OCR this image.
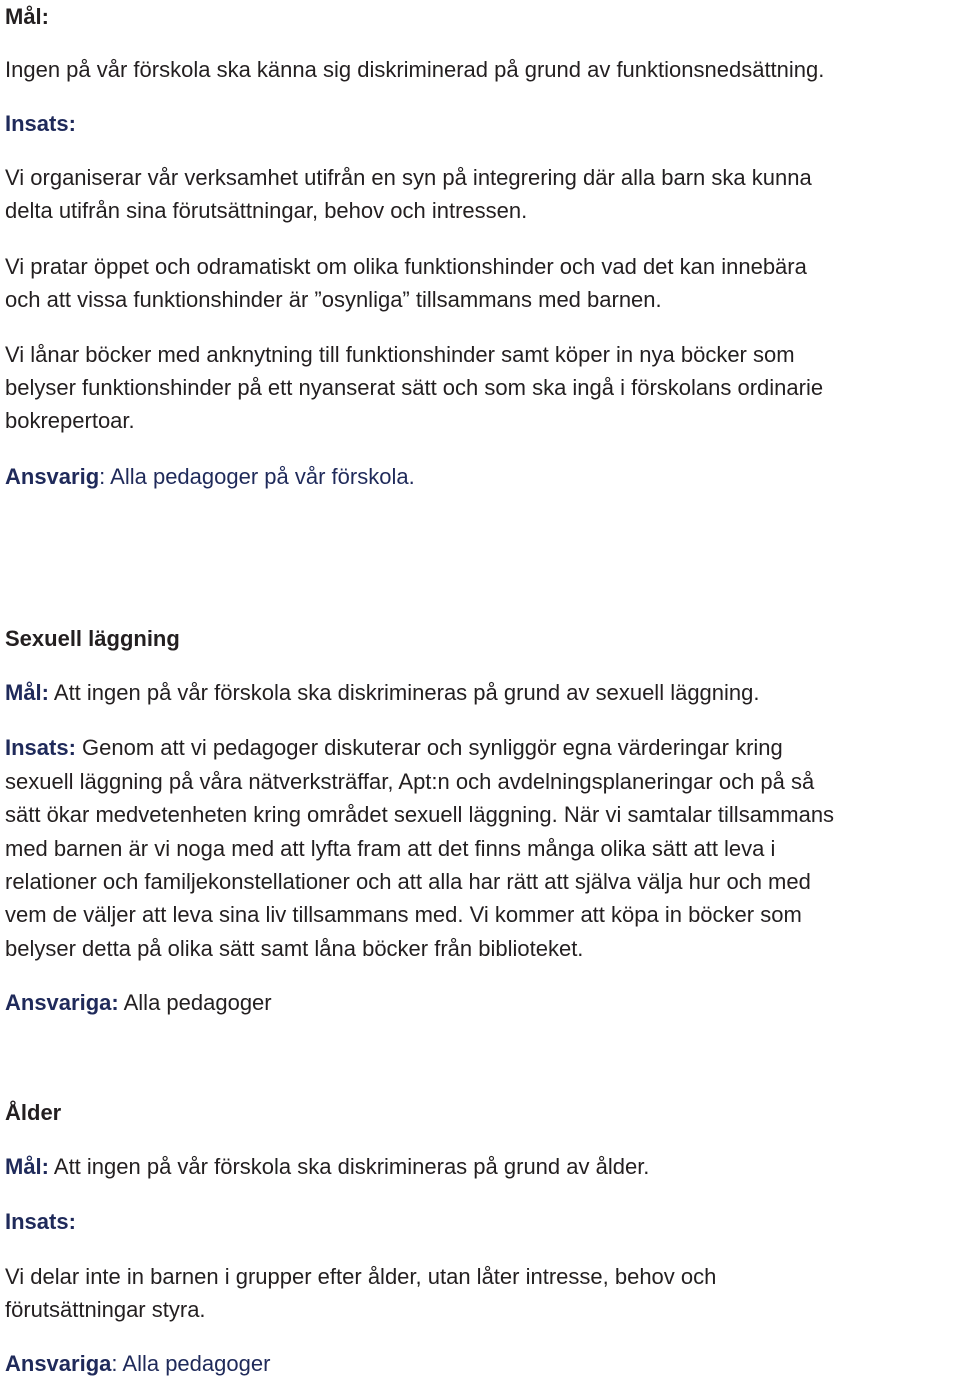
Mål:

Ingen på vår förskola ska känna sig diskriminerad på grund av funktionsnedsättning.

Insats:

Vi organiserar vår verksamhet utifrån en syn på integrering där alla barn ska kunna

delta utifrån sina förutsättningar, behov och intressen.

Vi pratar öppet och odramatiskt om olika funktionshinder och vad det kan innebära

och att vissa funktionshinder är ”osynliga” tillsammans med barnen.

Vi lånar böcker med anknytning till funktionshinder samt köper in nya böcker som

belyser funktionshinder på ett nyanserat sätt och som ska ingå i förskolans ordinarie

bokrepertoar.

Ansvarig: Alla pedagoger på vår förskola.

Sexuell läggning

Mål: Att ingen på vår förskola ska diskrimineras på grund av sexuell läggning.

Insats: Genom att vi pedagoger diskuterar och synliggör egna värderingar kring

sexuell läggning på våra nätverksträffar, Apt:n och avdelningsplaneringar och på så

sätt ökar medvetenheten kring området sexuell läggning. När vi samtalar tillsammans

med barnen är vi noga med att lyfta fram att det finns många olika sätt att leva i

relationer och familjekonstellationer och att alla har rätt att själva välja hur och med

vem de väljer att leva sina liv tillsammans med. Vi kommer att köpa in böcker som

belyser detta på olika sätt samt låna böcker från biblioteket.

Ansvariga: Alla pedagoger

Ålder

Mål: Att ingen på vår förskola ska diskrimineras på grund av ålder.

Insats:

Vi delar inte in barnen i grupper efter ålder, utan låter intresse, behov och

förutsättningar styra.

Ansvariga: Alla pedagoger
